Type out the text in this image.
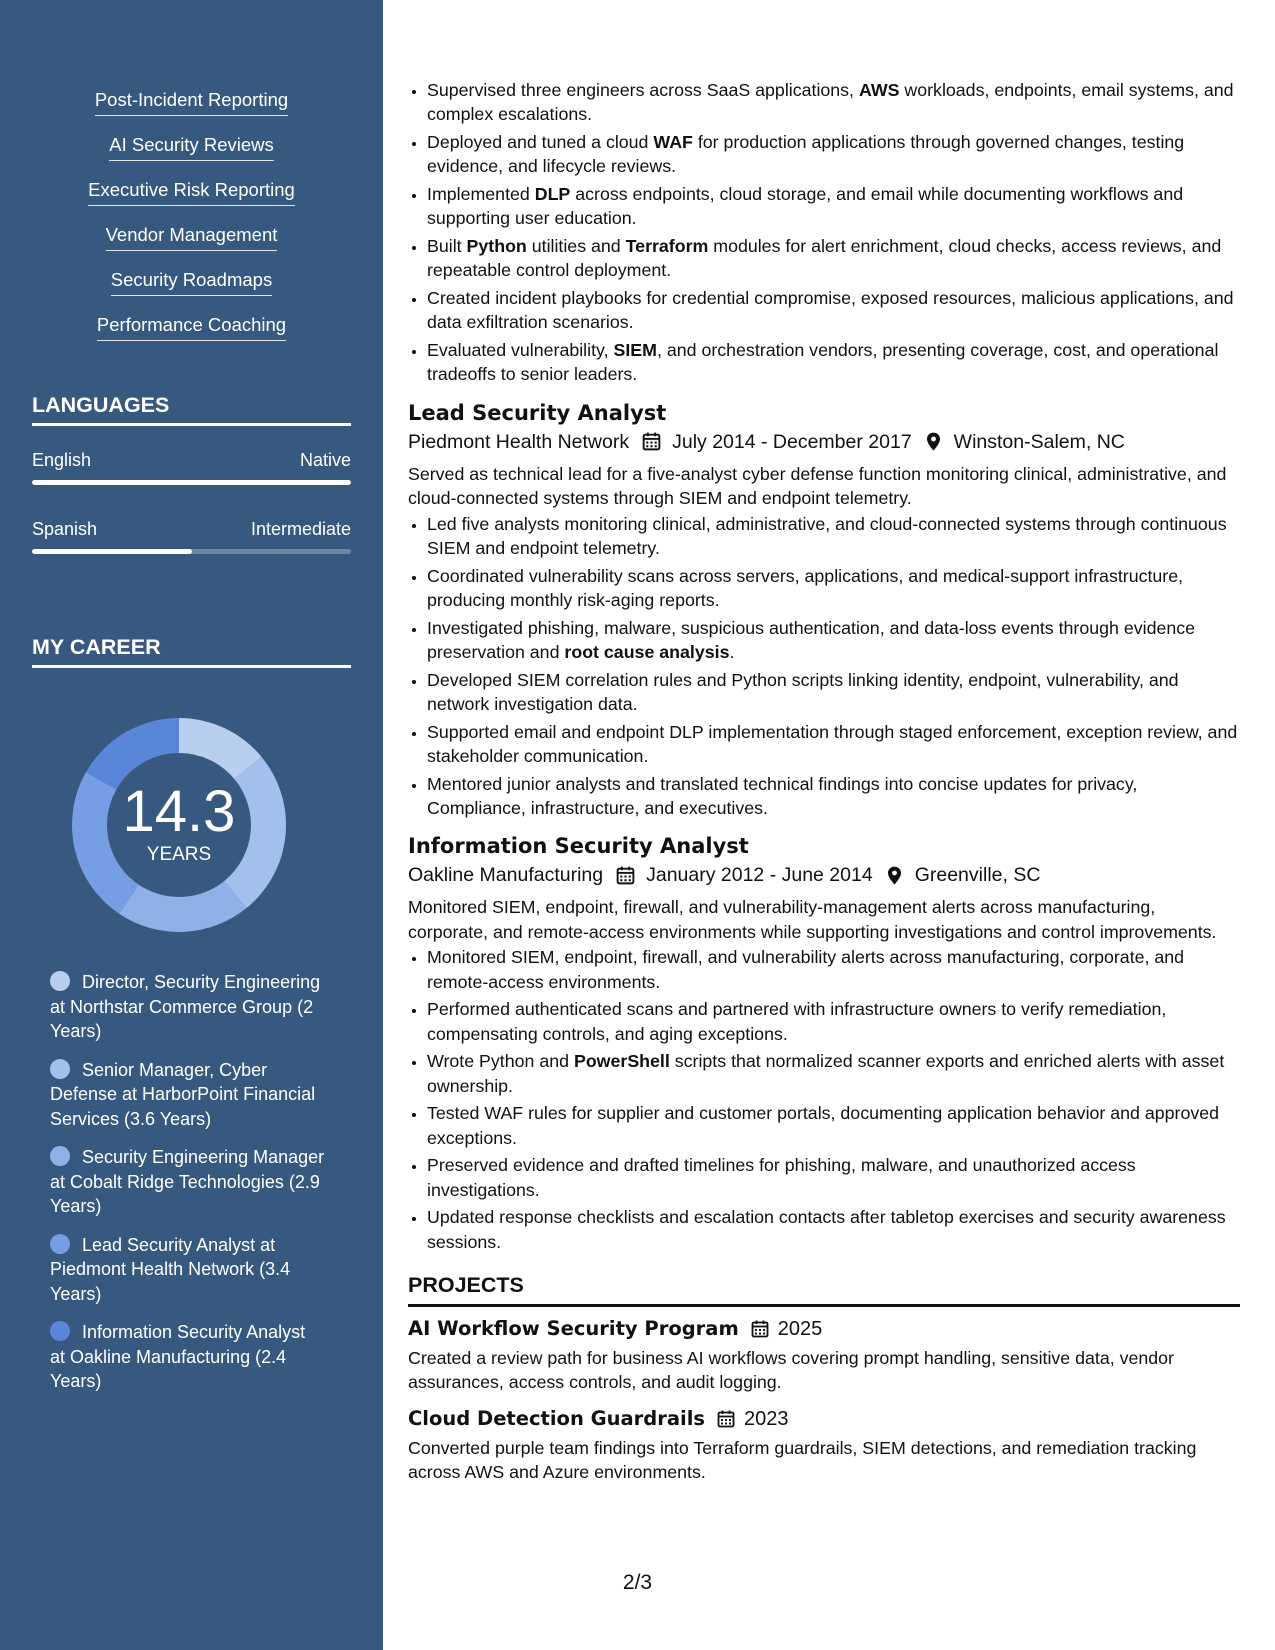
Post-Incident Reporting
AI Security Reviews
Executive Risk Reporting
Vendor Management
Security Roadmaps
Performance Coaching
LANGUAGES
English	Native
Spanish	Intermediate
MY CAREER
14.3
YEARS
Director, Security Engineering at Northstar Commerce Group (2 Years)
Senior Manager, Cyber Defense at HarborPoint Financial Services (3.6 Years)
Security Engineering Manager at Cobalt Ridge Technologies (2.9 Years)
Lead Security Analyst at Piedmont Health Network (3.4 Years)
Information Security Analyst at Oakline Manufacturing (2.4 Years)
• Supervised three engineers across SaaS applications, AWS workloads, endpoints, email systems, and complex escalations.
• Deployed and tuned a cloud WAF for production applications through governed changes, testing evidence, and lifecycle reviews.
• Implemented DLP across endpoints, cloud storage, and email while documenting workflows and supporting user education.
• Built Python utilities and Terraform modules for alert enrichment, cloud checks, access reviews, and repeatable control deployment.
• Created incident playbooks for credential compromise, exposed resources, malicious applications, and data exfiltration scenarios.
• Evaluated vulnerability, SIEM, and orchestration vendors, presenting coverage, cost, and operational tradeoffs to senior leaders.
Lead Security Analyst
Piedmont Health Network July 2014 - December 2017 Winston-Salem, NC
Served as technical lead for a five-analyst cyber defense function monitoring clinical, administrative, and cloud-connected systems through SIEM and endpoint telemetry.
• Led five analysts monitoring clinical, administrative, and cloud-connected systems through continuous SIEM and endpoint telemetry.
• Coordinated vulnerability scans across servers, applications, and medical-support infrastructure, producing monthly risk-aging reports.
• Investigated phishing, malware, suspicious authentication, and data-loss events through evidence preservation and root cause analysis.
• Developed SIEM correlation rules and Python scripts linking identity, endpoint, vulnerability, and network investigation data.
• Supported email and endpoint DLP implementation through staged enforcement, exception review, and stakeholder communication.
• Mentored junior analysts and translated technical findings into concise updates for privacy, Compliance, infrastructure, and executives.
Information Security Analyst
Oakline Manufacturing January 2012 - June 2014 Greenville, SC
Monitored SIEM, endpoint, firewall, and vulnerability-management alerts across manufacturing, corporate, and remote-access environments while supporting investigations and control improvements.
• Monitored SIEM, endpoint, firewall, and vulnerability alerts across manufacturing, corporate, and remote-access environments.
• Performed authenticated scans and partnered with infrastructure owners to verify remediation, compensating controls, and aging exceptions.
• Wrote Python and PowerShell scripts that normalized scanner exports and enriched alerts with asset ownership.
• Tested WAF rules for supplier and customer portals, documenting application behavior and approved exceptions.
• Preserved evidence and drafted timelines for phishing, malware, and unauthorized access investigations.
• Updated response checklists and escalation contacts after tabletop exercises and security awareness sessions.
PROJECTS
AI Workflow Security Program 2025
Created a review path for business AI workflows covering prompt handling, sensitive data, vendor assurances, access controls, and audit logging.
Cloud Detection Guardrails 2023
Converted purple team findings into Terraform guardrails, SIEM detections, and remediation tracking across AWS and Azure environments.
2/3
